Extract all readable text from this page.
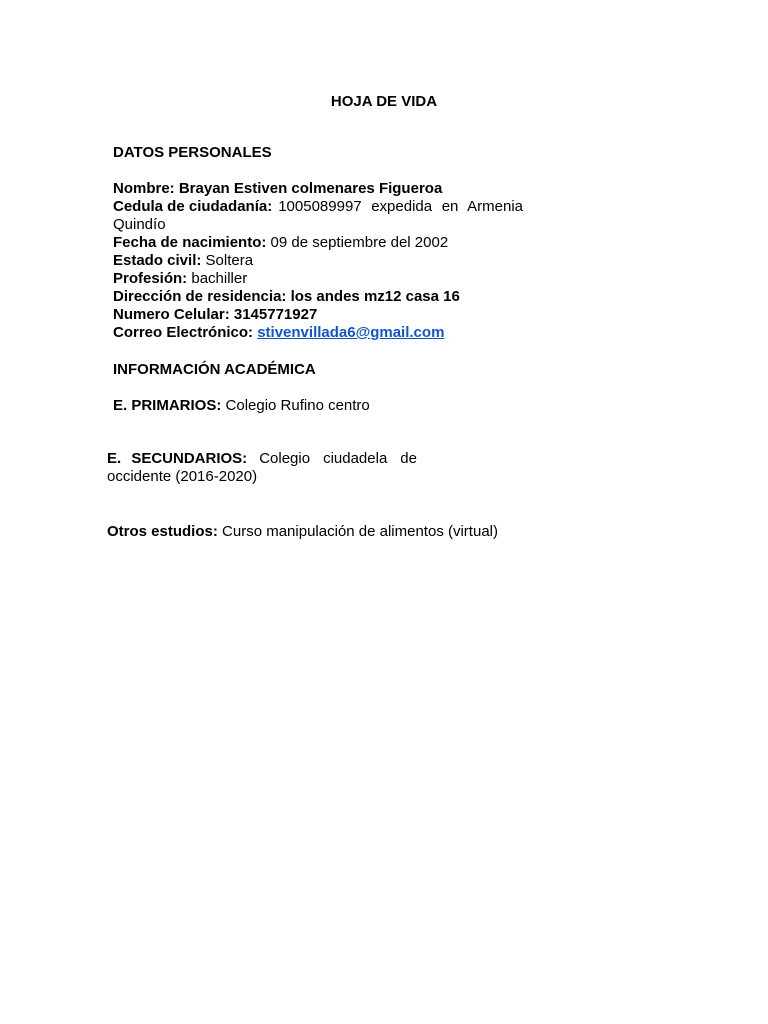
HOJA DE VIDA
DATOS PERSONALES

Nombre: Brayan Estiven colmenares Figueroa

Cedula de ciudadanía: 1005089997 expedida en Armenia

Quindío

Fecha de nacimiento: 09 de septiembre del 2002

Estado civil: Soltera

Profesión: bachiller

Dirección de residencia: los andes mz12 casa 16

Numero Celular: 3145771927

Correo Electrónico: stivenvillada6@gmail.com

INFORMACIÓN ACADÉMICA
E. PRIMARIOS: Colegio Rufino centro
E. SECUNDARIOS: Colegio ciudadela de
occidente (2016-2020)
Otros estudios: Curso manipulación de alimentos (virtual)
